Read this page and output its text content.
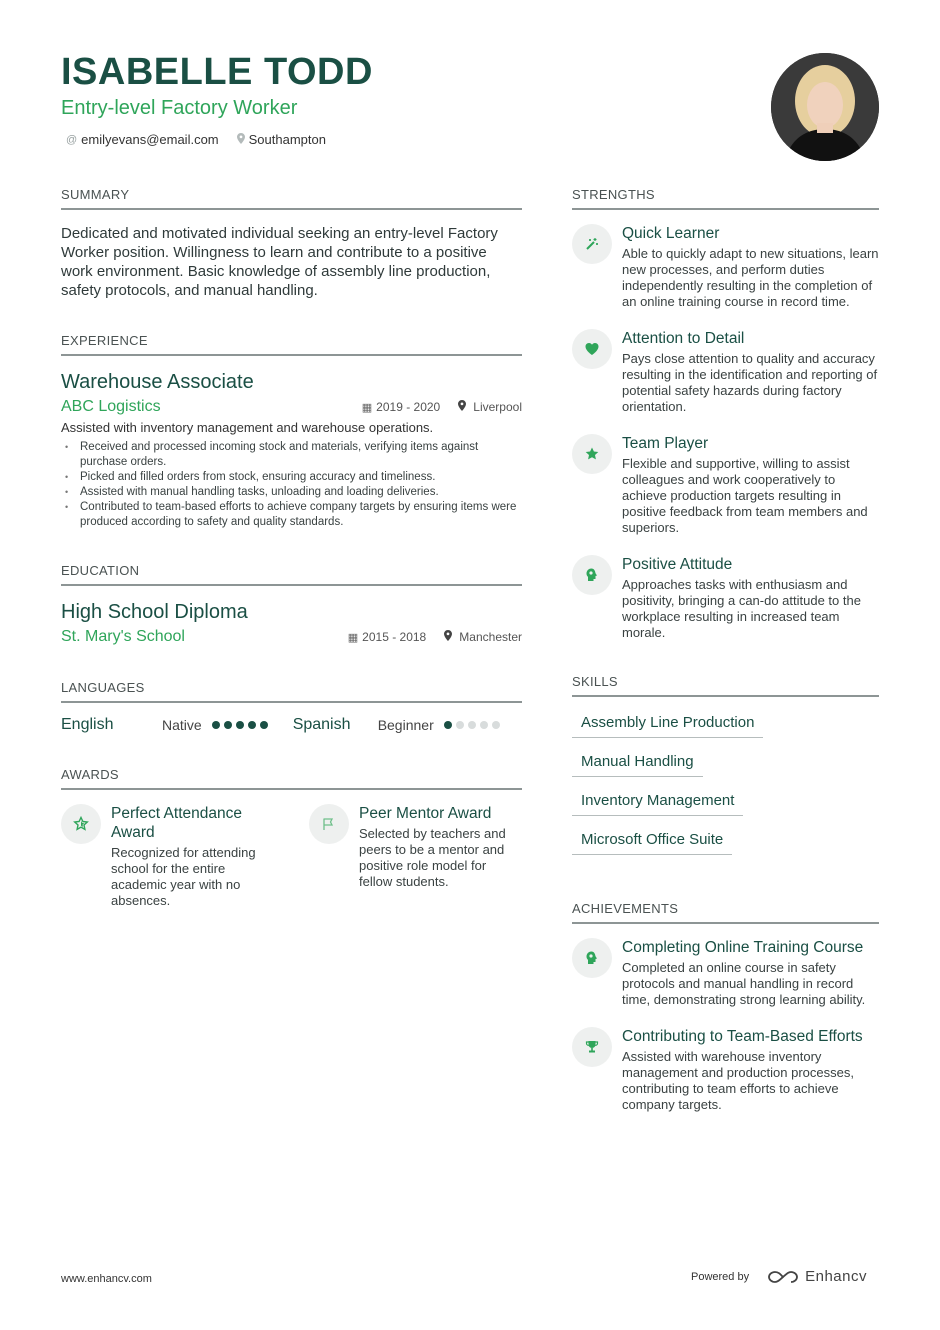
ISABELLE TODD
Entry-level Factory Worker
@ emilyevans@email.com Southampton
SUMMARY
Dedicated and motivated individual seeking an entry-level Factory Worker position. Willingness to learn and contribute to a positive work environment. Basic knowledge of assembly line production, safety protocols, and manual handling.
EXPERIENCE
Warehouse Associate
ABC Logistics	▦ 2019 - 2020	Liverpool
Assisted with inventory management and warehouse operations.
• Received and processed incoming stock and materials, verifying items against purchase orders.
• Picked and filled orders from stock, ensuring accuracy and timeliness.
• Assisted with manual handling tasks, unloading and loading deliveries.
• Contributed to team-based efforts to achieve company targets by ensuring items were produced according to safety and quality standards.
EDUCATION
High School Diploma
St. Mary's School	▦ 2015 - 2018	Manchester
LANGUAGES
English	Native	Spanish	Beginner
AWARDS
Perfect Attendance Award
Recognized for attending school for the entire academic year with no absences.
Peer Mentor Award
Selected by teachers and peers to be a mentor and positive role model for fellow students.
STRENGTHS
Quick Learner
Able to quickly adapt to new situations, learn new processes, and perform duties independently resulting in the completion of an online training course in record time.
Attention to Detail
Pays close attention to quality and accuracy resulting in the identification and reporting of potential safety hazards during factory orientation.
Team Player
Flexible and supportive, willing to assist colleagues and work cooperatively to achieve production targets resulting in positive feedback from team members and superiors.
Positive Attitude
Approaches tasks with enthusiasm and positivity, bringing a can-do attitude to the workplace resulting in increased team morale.
SKILLS
Assembly Line Production
Manual Handling
Inventory Management
Microsoft Office Suite
ACHIEVEMENTS
Completing Online Training Course
Completed an online course in safety protocols and manual handling in record time, demonstrating strong learning ability.
Contributing to Team-Based Efforts
Assisted with warehouse inventory management and production processes, contributing to team efforts to achieve company targets.
www.enhancv.com	Powered by	Enhancv
